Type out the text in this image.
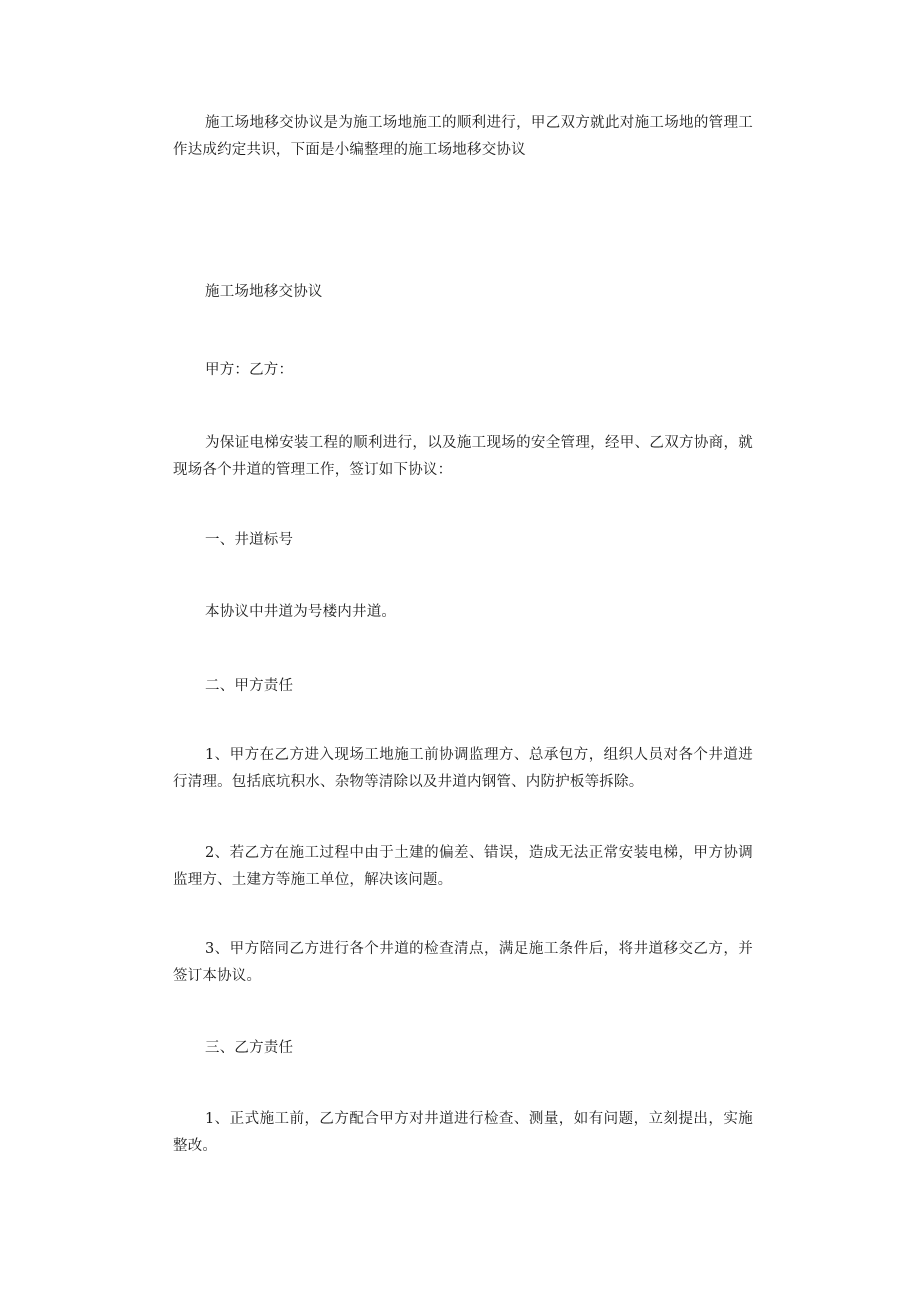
施工场地移交协议是为施工场地施工的顺利进行，甲乙双方就此对施工场地的管理工作达成约定共识，下面是小编整理的施工场地移交协议

施工场地移交协议

甲方：乙方：

为保证电梯安装工程的顺利进行，以及施工现场的安全管理，经甲、乙双方协商，就现场各个井道的管理工作，签订如下协议：

一、井道标号

本协议中井道为号楼内井道。

二、甲方责任

1、甲方在乙方进入现场工地施工前协调监理方、总承包方，组织人员对各个井道进行清理。包括底坑积水、杂物等清除以及井道内钢管、内防护板等拆除。

2、若乙方在施工过程中由于土建的偏差、错误，造成无法正常安装电梯，甲方协调监理方、土建方等施工单位，解决该问题。

3、甲方陪同乙方进行各个井道的检查清点，满足施工条件后，将井道移交乙方，并签订本协议。

三、乙方责任

1、正式施工前，乙方配合甲方对井道进行检查、测量，如有问题，立刻提出，实施整改。
